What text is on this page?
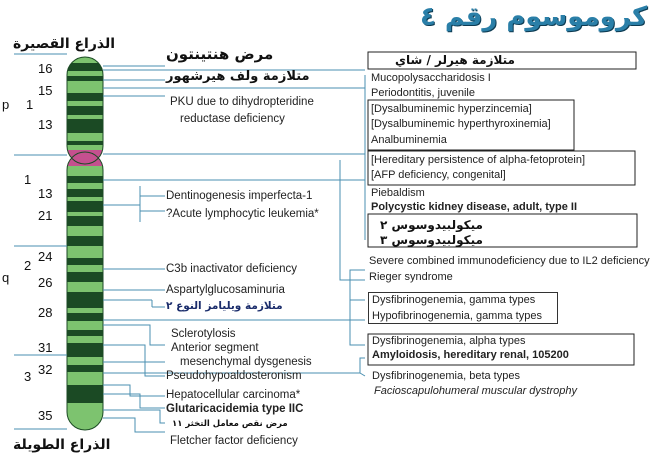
كروموسوم رقم ٤
الذراع القصيرة
الذراع الطويلة
p
q
16
15
13
1
1
13
21
24
2
26
28
31
32
3
35
مرض هنتينتون
متلازمة ولف هيرشهور
PKU due to dihydropteridine
reductase deficiency
Dentinogenesis imperfecta-1
?Acute lymphocytic leukemia*
C3b inactivator deficiency
Aspartylglucosaminuria
متلازمة ويليامز النوع ٢
Sclerotylosis
Anterior segment
mesenchymal dysgenesis
Pseudohypoaldosteronism
Hepatocellular carcinoma*
Glutaricacidemia type IIC
مرض نقص معامل التخثر ١١
Fletcher factor deficiency
متلازمة هيرلر / شاي
Mucopolysaccharidosis I
Periodontitis, juvenile
[Dysalbuminemic hyperzincemia]
[Dysalbuminemic hyperthyroxinemia]
Analbuminemia
[Hereditary persistence of alpha-fetoprotein]
[AFP deficiency, congenital]
Piebaldism
Polycystic kidney disease, adult, type II
ميكولبيدوسوس ٢
ميكولبيدوسوس ٣
Severe combined immunodeficiency due to IL2 deficiency
Rieger syndrome
Dysfibrinogenemia, gamma types
Hypofibrinogenemia, gamma types
Dysfibrinogenemia, alpha types
Amyloidosis, hereditary renal, 105200
Dysfibrinogenemia, beta types
Facioscapulohumeral muscular dystrophy
